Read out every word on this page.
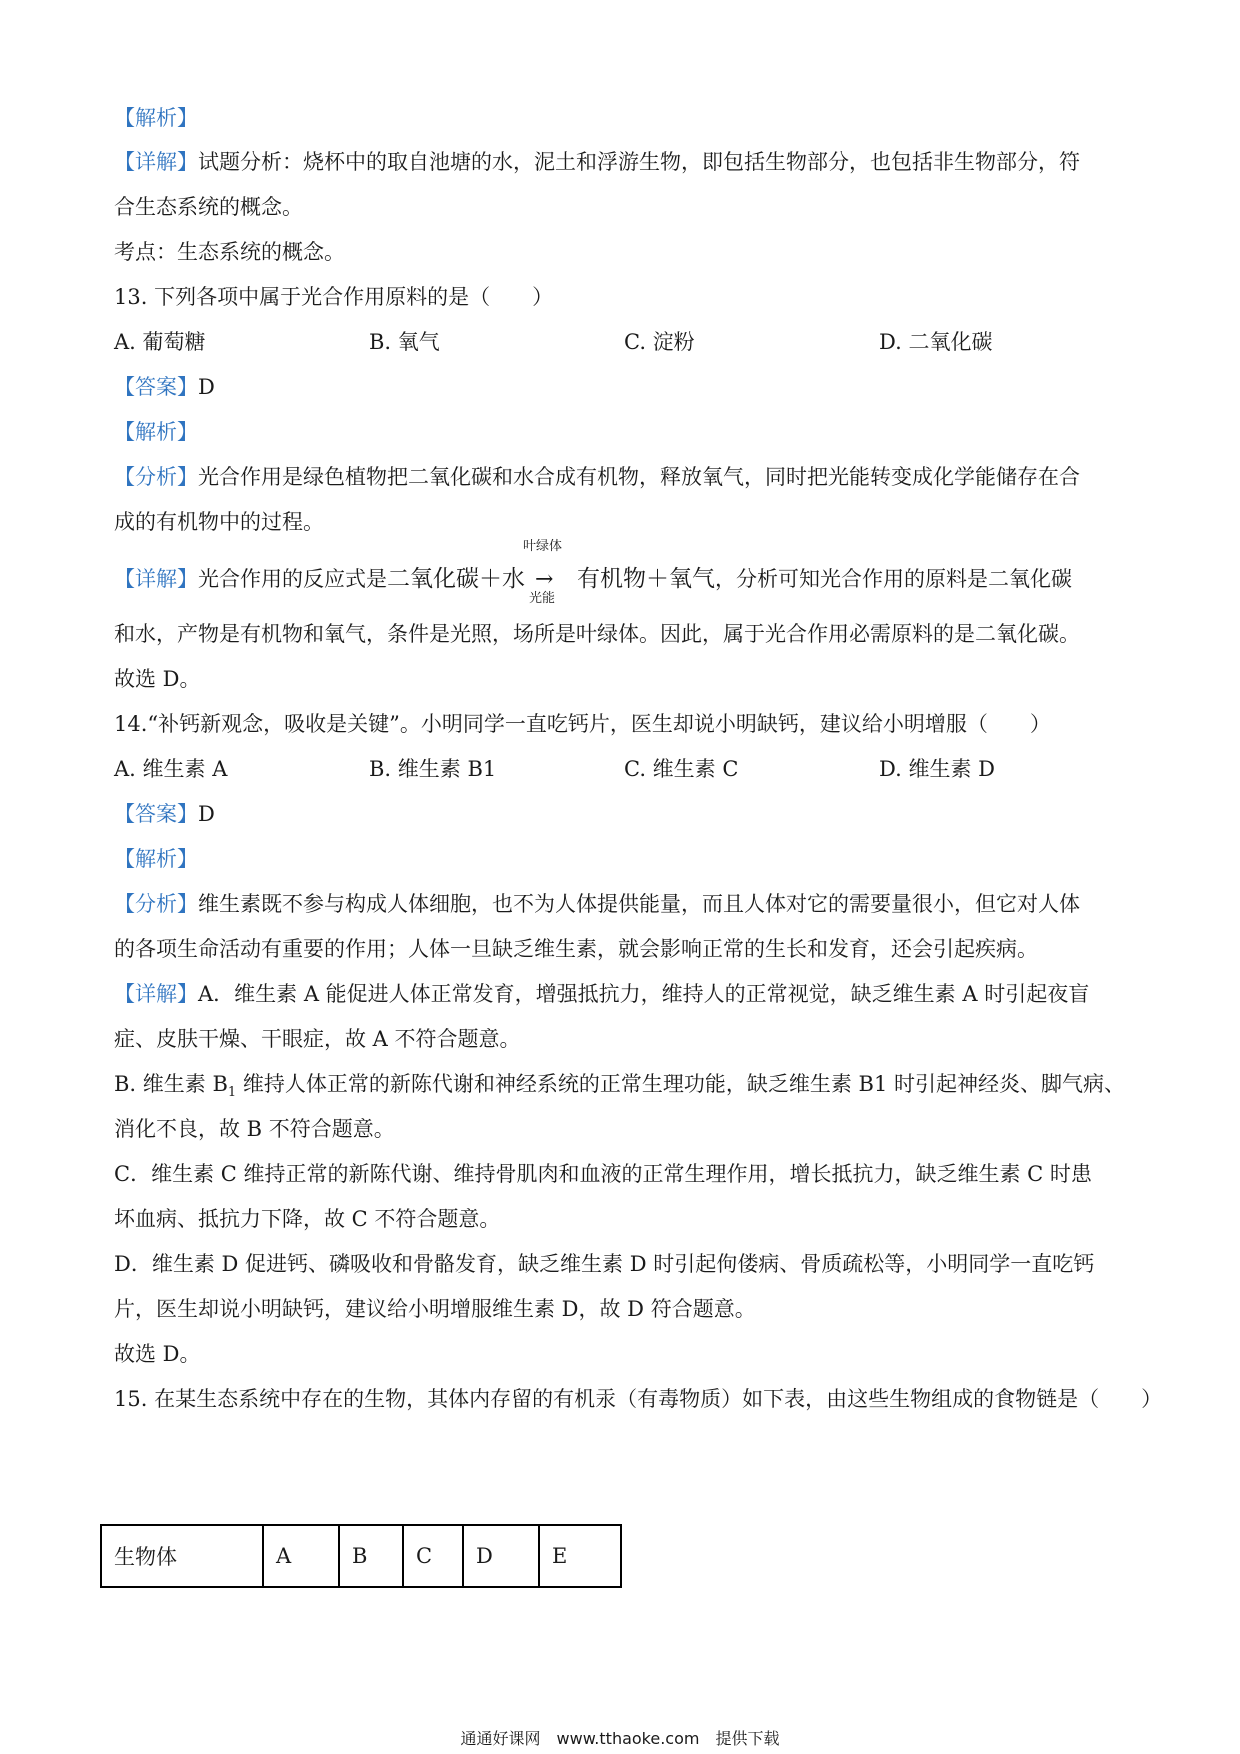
【解析】
【详解】试题分析：烧杯中的取自池塘的水，泥土和浮游生物，即包括生物部分，也包括非生物部分，符
合生态系统的概念。
考点：生态系统的概念。
13. 下列各项中属于光合作用原料的是（　　）
A. 葡萄糖	B. 氧气	C. 淀粉	D. 二氧化碳
【答案】D
【解析】
【分析】光合作用是绿色植物把二氧化碳和水合成有机物，释放氧气，同时把光能转变成化学能储存在合
成的有机物中的过程。
【详解】光合作用的反应式是二氧化碳＋水
叶绿体
→
光能
有机物＋氧气，分析可知光合作用的原料是二氧化碳
和水，产物是有机物和氧气，条件是光照，场所是叶绿体。因此，属于光合作用必需原料的是二氧化碳。
故选 D。
14.“补钙新观念，吸收是关键”。小明同学一直吃钙片，医生却说小明缺钙，建议给小明增服（　　）
A. 维生素 A	B. 维生素 B1	C. 维生素 C	D. 维生素 D
【答案】D
【解析】
【分析】维生素既不参与构成人体细胞，也不为人体提供能量，而且人体对它的需要量很小，但它对人体
的各项生命活动有重要的作用；人体一旦缺乏维生素，就会影响正常的生长和发育，还会引起疾病。
【详解】A．维生素 A 能促进人体正常发育，增强抵抗力，维持人的正常视觉，缺乏维生素 A 时引起夜盲
症、皮肤干燥、干眼症，故 A 不符合题意。
B. 维生素 $B_1$ 维持人体正常的新陈代谢和神经系统的正常生理功能，缺乏维生素 B1 时引起神经炎、脚气病、
消化不良，故 B 不符合题意。
C．维生素 C 维持正常的新陈代谢、维持骨肌肉和血液的正常生理作用，增长抵抗力，缺乏维生素 C 时患
坏血病、抵抗力下降，故 C 不符合题意。
D．维生素 D 促进钙、磷吸收和骨骼发育，缺乏维生素 D 时引起佝偻病、骨质疏松等，小明同学一直吃钙
片，医生却说小明缺钙，建议给小明增服维生素 D，故 D 符合题意。
故选 D。
15. 在某生态系统中存在的生物，其体内存留的有机汞（有毒物质）如下表，由这些生物组成的食物链是（　　）
生物体	A	B	C	D	E
通通好课网　www.tthaoke.com　提供下载
